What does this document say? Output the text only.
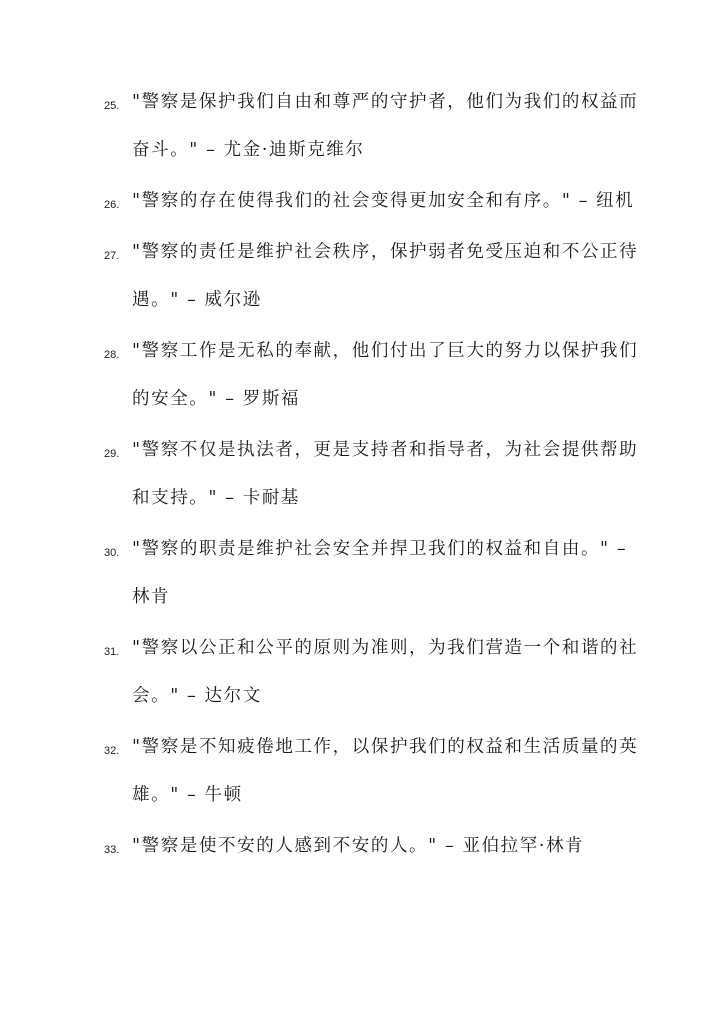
25. "警察是保护我们自由和尊严的守护者，他们为我们的权益而奋斗。" – 尤金·迪斯克维尔
26. "警察的存在使得我们的社会变得更加安全和有序。" – 纽机
27. "警察的责任是维护社会秩序，保护弱者免受压迫和不公正待遇。" – 威尔逊
28. "警察工作是无私的奉献，他们付出了巨大的努力以保护我们的安全。" – 罗斯福
29. "警察不仅是执法者，更是支持者和指导者，为社会提供帮助和支持。" – 卡耐基
30. "警察的职责是维护社会安全并捍卫我们的权益和自由。" – 林肯
31. "警察以公正和公平的原则为准则，为我们营造一个和谐的社会。" – 达尔文
32. "警察是不知疲倦地工作，以保护我们的权益和生活质量的英雄。" – 牛顿
33. "警察是使不安的人感到不安的人。" – 亚伯拉罕·林肯
